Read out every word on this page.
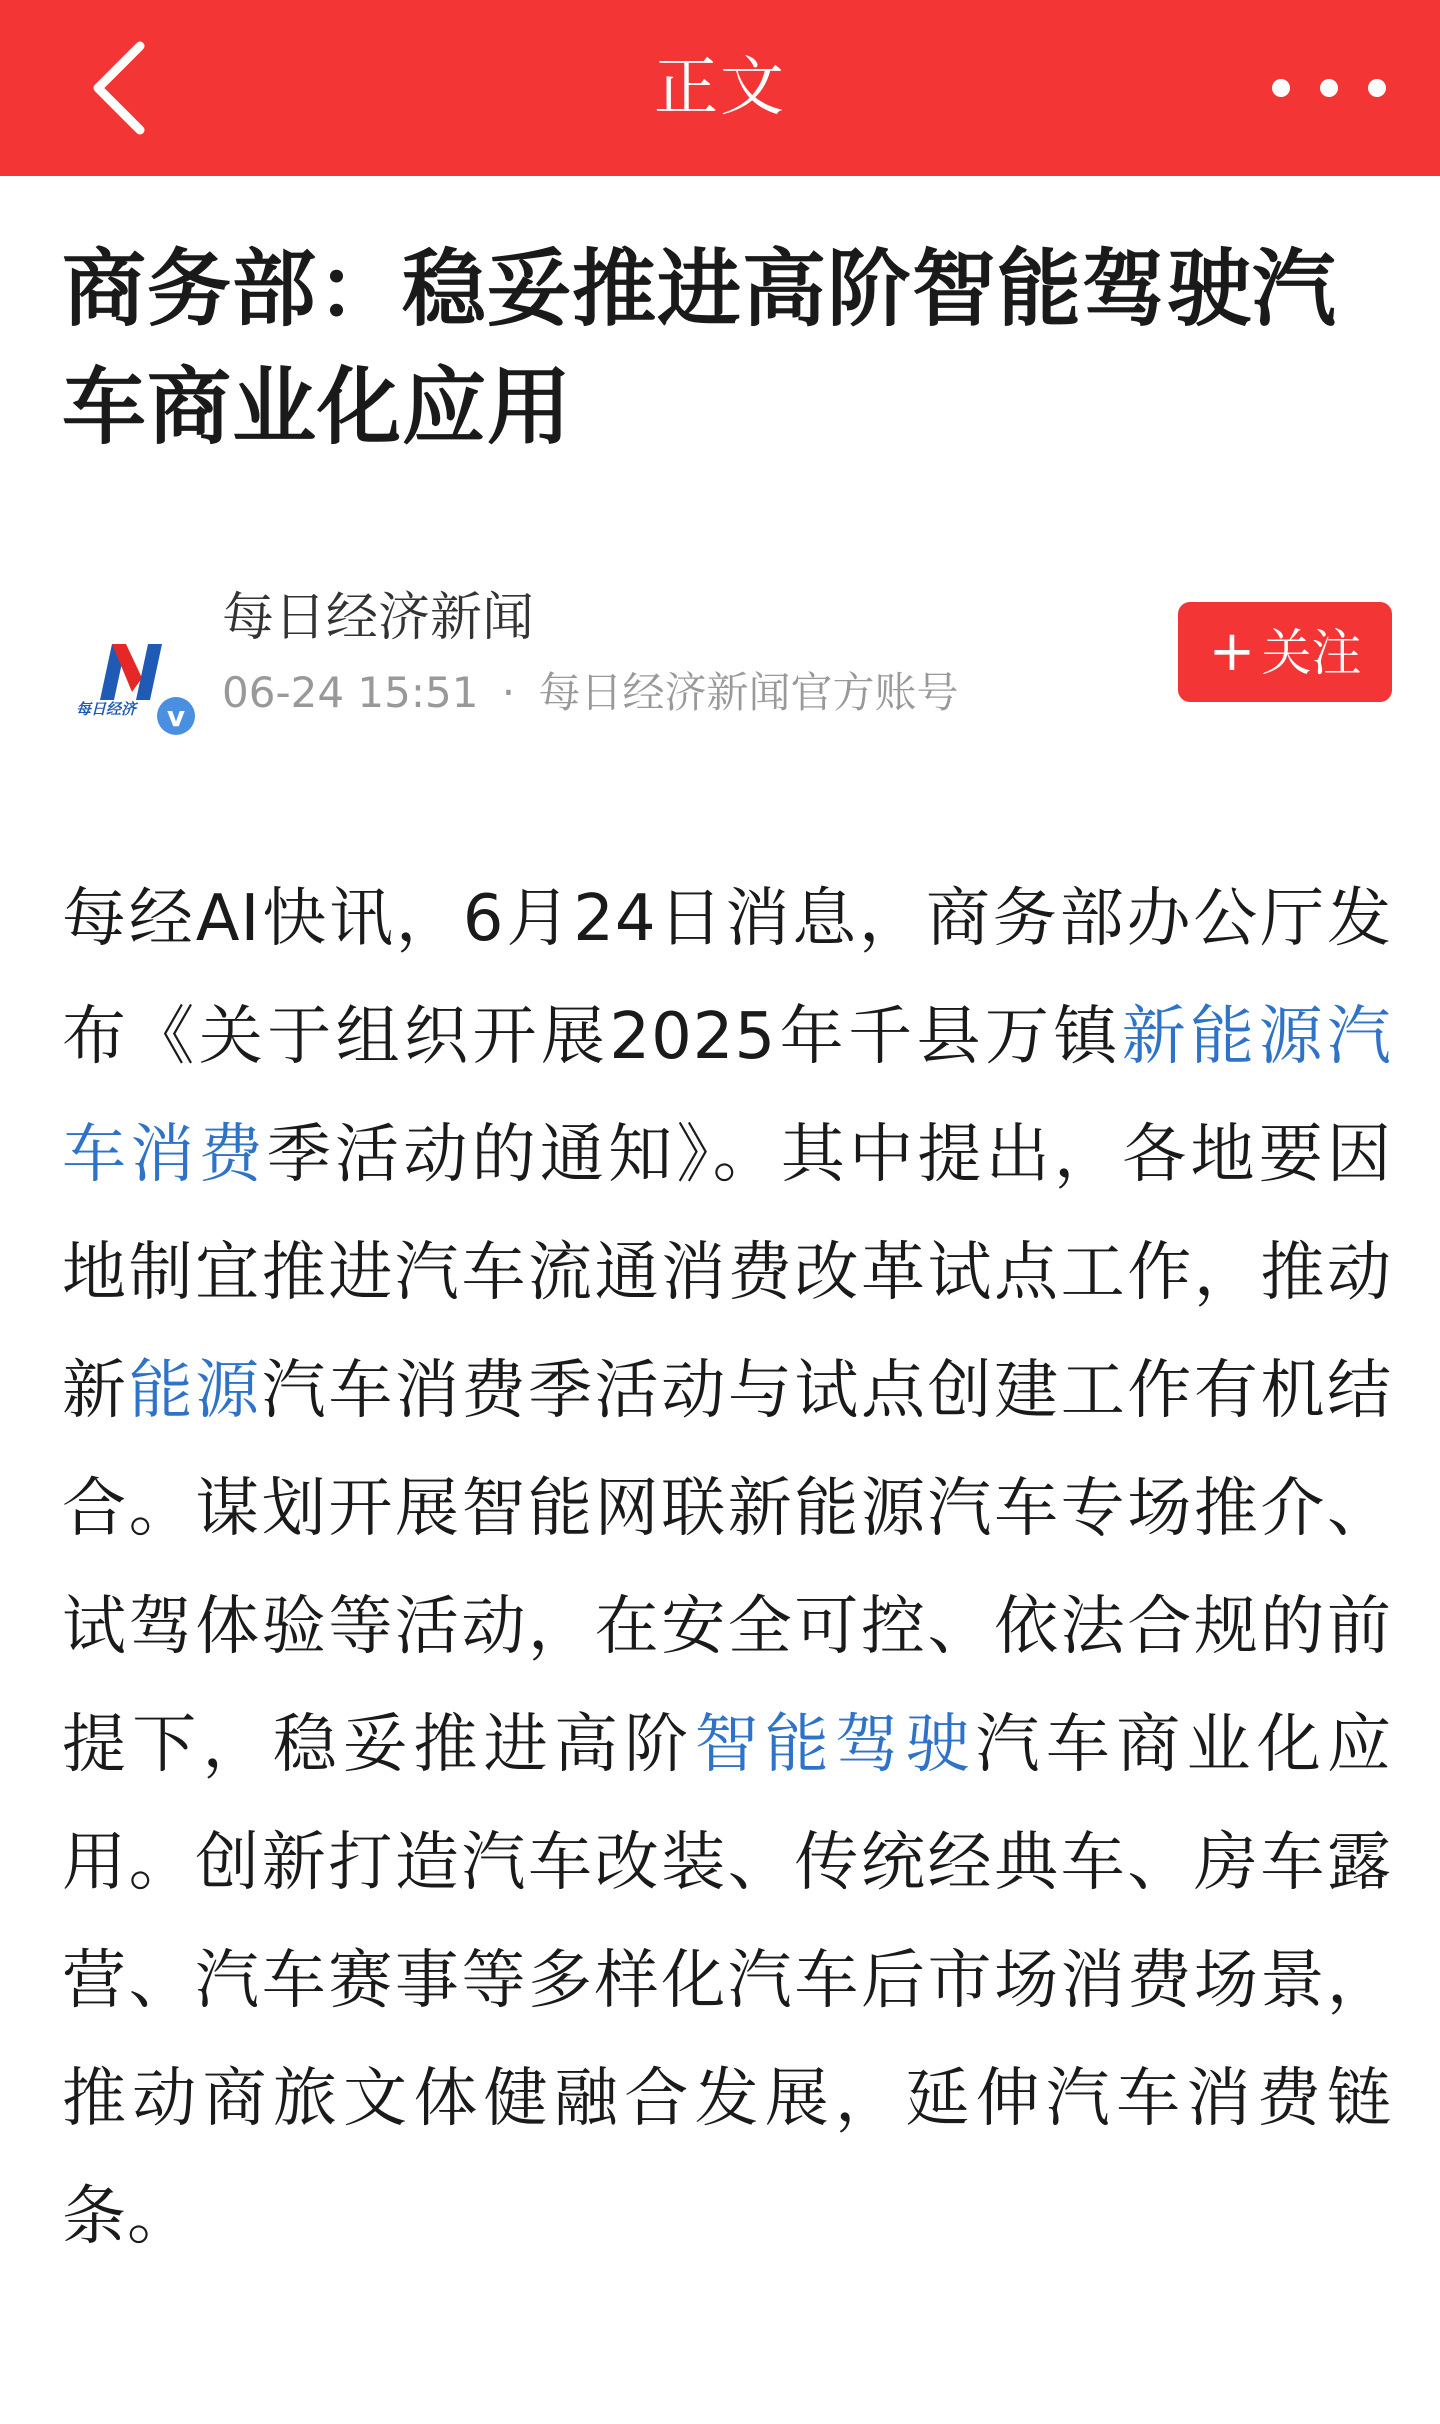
正文
商务部：稳妥推进高阶智能驾驶汽车商业化应用
每日经济 v
每日经济新闻
06-24 15:51 · 每日经济新闻官方账号
+ 关注

每经AI快讯，6月24日消息，商务部办公厅发布《关于组织开展2025年千县万镇新能源汽车消费季活动的通知》。其中提出，各地要因地制宜推进汽车流通消费改革试点工作，推动新能源汽车消费季活动与试点创建工作有机结合。谋划开展智能网联新能源汽车专场推介、试驾体验等活动，在安全可控、依法合规的前提下，稳妥推进高阶智能驾驶汽车商业化应用。创新打造汽车改装、传统经典车、房车露营、汽车赛事等多样化汽车后市场消费场景，推动商旅文体健融合发展，延伸汽车消费链条。
